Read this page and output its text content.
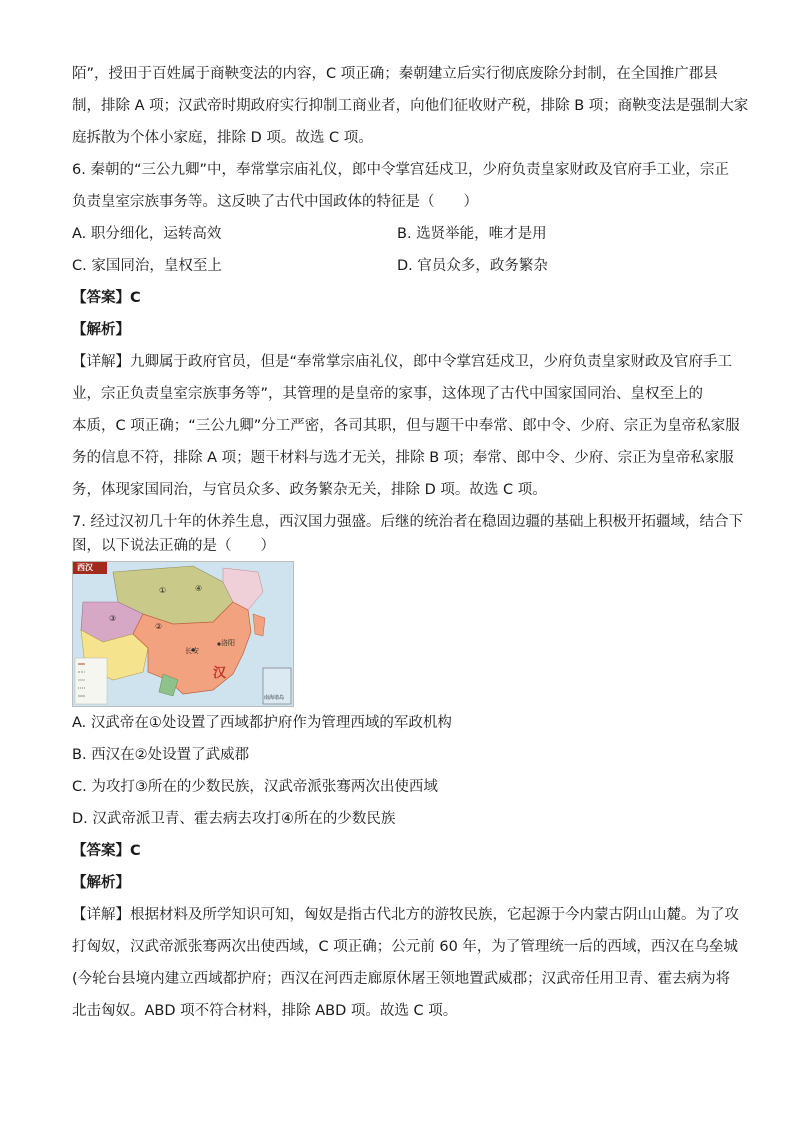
陌”，授田于百姓属于商鞅变法的内容，C 项正确；秦朝建立后实行彻底废除分封制，在全国推广郡县
制，排除 A 项；汉武帝时期政府实行抑制工商业者，向他们征收财产税，排除 B 项；商鞅变法是强制大家
庭拆散为个体小家庭，排除 D 项。故选 C 项。
6. 秦朝的“三公九卿”中，奉常掌宗庙礼仪，郎中令掌宫廷戍卫，少府负责皇家财政及官府手工业，宗正
负责皇室宗族事务等。这反映了古代中国政体的特征是（　　）
A. 职分细化，运转高效	B. 选贤举能，唯才是用
C. 家国同治，皇权至上	D. 官员众多，政务繁杂
【答案】C
【解析】
【详解】九卿属于政府官员，但是“奉常掌宗庙礼仪，郎中令掌宫廷戍卫，少府负责皇家财政及官府手工
业，宗正负责皇室宗族事务等”，其管理的是皇帝的家事，这体现了古代中国家国同治、皇权至上的
本质，C 项正确；“三公九卿”分工严密，各司其职，但与题干中奉常、郎中令、少府、宗正为皇帝私家服
务的信息不符，排除 A 项；题干材料与选才无关，排除 B 项；奉常、郎中令、少府、宗正为皇帝私家服
务，体现家国同治，与官员众多、政务繁杂无关，排除 D 项。故选 C 项。
7. 经过汉初几十年的休养生息，西汉国力强盛。后继的统治者在稳固边疆的基础上积极开拓疆域，结合下
图，以下说法正确的是（　　）
西汉
①
②
③
④
长安
洛阳
汉
南海诸岛
A. 汉武帝在①处设置了西域都护府作为管理西域的军政机构
B. 西汉在②处设置了武威郡
C. 为攻打③所在的少数民族，汉武帝派张骞两次出使西域
D. 汉武帝派卫青、霍去病去攻打④所在的少数民族
【答案】C
【解析】
【详解】根据材料及所学知识可知，匈奴是指古代北方的游牧民族，它起源于今内蒙古阴山山麓。为了攻
打匈奴，汉武帝派张骞两次出使西域，C 项正确；公元前 60 年，为了管理统一后的西域，西汉在乌垒城
(今轮台县境内建立西域都护府；西汉在河西走廊原休屠王领地置武威郡；汉武帝任用卫青、霍去病为将
北击匈奴。ABD 项不符合材料，排除 ABD 项。故选 C 项。
